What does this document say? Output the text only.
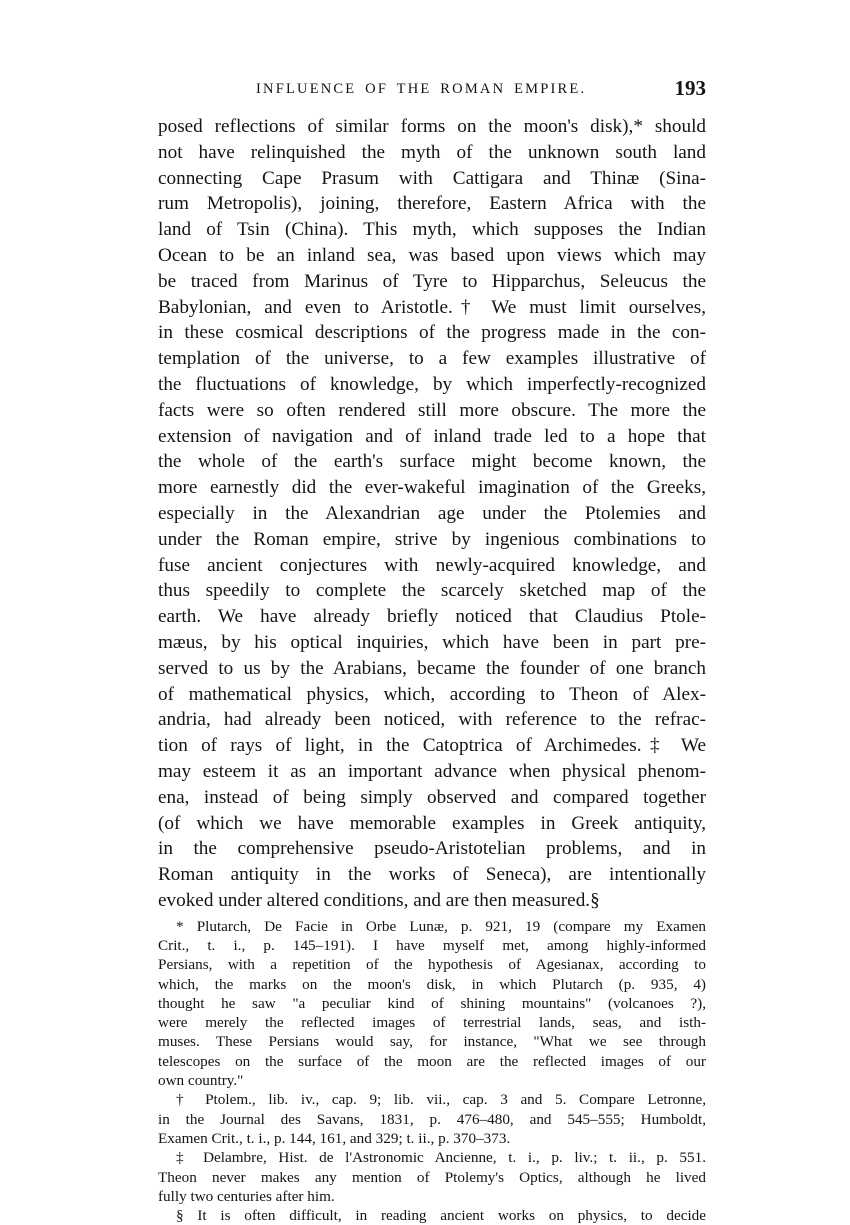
INFLUENCE OF THE ROMAN EMPIRE.	193
posed reflections of similar forms on the moon's disk),* should
not have relinquished the myth of the unknown south land
connecting Cape Prasum with Cattigara and Thinæ (Sina-
rum Metropolis), joining, therefore, Eastern Africa with the
land of Tsin (China). This myth, which supposes the Indian
Ocean to be an inland sea, was based upon views which may
be traced from Marinus of Tyre to Hipparchus, Seleucus the
Babylonian, and even to Aristotle.† We must limit ourselves,
in these cosmical descriptions of the progress made in the con-
templation of the universe, to a few examples illustrative of
the fluctuations of knowledge, by which imperfectly-recognized
facts were so often rendered still more obscure. The more the
extension of navigation and of inland trade led to a hope that
the whole of the earth's surface might become known, the
more earnestly did the ever-wakeful imagination of the Greeks,
especially in the Alexandrian age under the Ptolemies and
under the Roman empire, strive by ingenious combinations to
fuse ancient conjectures with newly-acquired knowledge, and
thus speedily to complete the scarcely sketched map of the
earth. We have already briefly noticed that Claudius Ptole-
mæus, by his optical inquiries, which have been in part pre-
served to us by the Arabians, became the founder of one branch
of mathematical physics, which, according to Theon of Alex-
andria, had already been noticed, with reference to the refrac-
tion of rays of light, in the Catoptrica of Archimedes.‡ We
may esteem it as an important advance when physical phenom-
ena, instead of being simply observed and compared together
(of which we have memorable examples in Greek antiquity,
in the comprehensive pseudo-Aristotelian problems, and in
Roman antiquity in the works of Seneca), are intentionally
evoked under altered conditions, and are then measured.§
* Plutarch, De Facie in Orbe Lunæ, p. 921, 19 (compare my Examen
Crit., t. i., p. 145–191). I have myself met, among highly-informed
Persians, with a repetition of the hypothesis of Agesianax, according to
which, the marks on the moon's disk, in which Plutarch (p. 935, 4)
thought he saw "a peculiar kind of shining mountains" (volcanoes ?),
were merely the reflected images of terrestrial lands, seas, and isth-
muses. These Persians would say, for instance, "What we see through
telescopes on the surface of the moon are the reflected images of our
own country."
† Ptolem., lib. iv., cap. 9; lib. vii., cap. 3 and 5. Compare Letronne,
in the Journal des Savans, 1831, p. 476–480, and 545–555; Humboldt,
Examen Crit., t. i., p. 144, 161, and 329; t. ii., p. 370–373.
‡ Delambre, Hist. de l'Astronomic Ancienne, t. i., p. liv.; t. ii., p. 551.
Theon never makes any mention of Ptolemy's Optics, although he lived
fully two centuries after him.
§ It is often difficult, in reading ancient works on physics, to decide
